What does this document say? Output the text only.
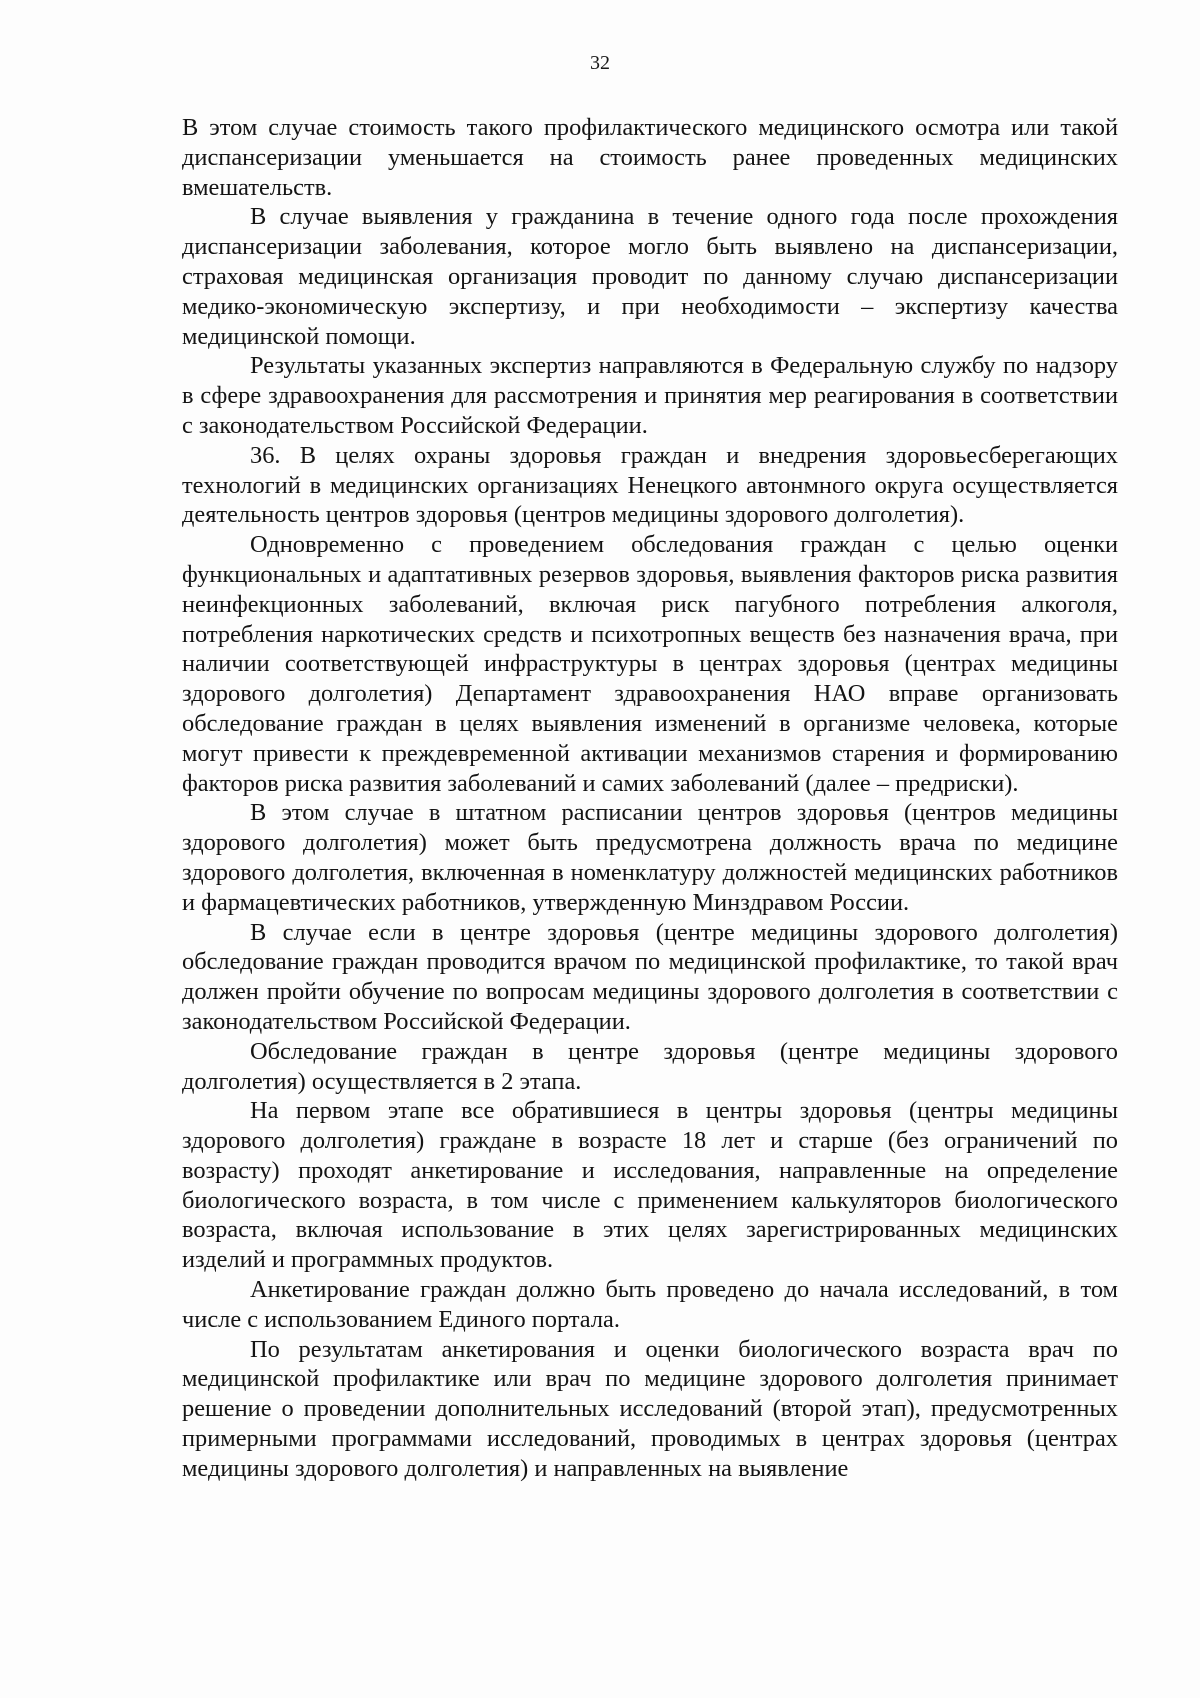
32

В этом случае стоимость такого профилактического медицинского осмотра или такой диспансеризации уменьшается на стоимость ранее проведенных медицинских вмешательств.

В случае выявления у гражданина в течение одного года после прохождения диспансеризации заболевания, которое могло быть выявлено на диспансеризации, страховая медицинская организация проводит по данному случаю диспансеризации медико-экономическую экспертизу, и при необходимости – экспертизу качества медицинской помощи.

Результаты указанных экспертиз направляются в Федеральную службу по надзору в сфере здравоохранения для рассмотрения и принятия мер реагирования в соответствии с законодательством Российской Федерации.

36. В целях охраны здоровья граждан и внедрения здоровьесберегающих технологий в медицинских организациях Ненецкого автонмного округа осуществляется деятельность центров здоровья (центров медицины здорового долголетия).

Одновременно с проведением обследования граждан с целью оценки функциональных и адаптативных резервов здоровья, выявления факторов риска развития неинфекционных заболеваний, включая риск пагубного потребления алкоголя, потребления наркотических средств и психотропных веществ без назначения врача, при наличии соответствующей инфраструктуры в центрах здоровья (центрах медицины здорового долголетия) Департамент здравоохранения НАО вправе организовать обследование граждан в целях выявления изменений в организме человека, которые могут привести к преждевременной активации механизмов старения и формированию факторов риска развития заболеваний и самих заболеваний (далее – предриски).

В этом случае в штатном расписании центров здоровья (центров медицины здорового долголетия) может быть предусмотрена должность врача по медицине здорового долголетия, включенная в номенклатуру должностей медицинских работников и фармацевтических работников, утвержденную Минздравом России.

В случае если в центре здоровья (центре медицины здорового долголетия) обследование граждан проводится врачом по медицинской профилактике, то такой врач должен пройти обучение по вопросам медицины здорового долголетия в соответствии с законодательством Российской Федерации.

Обследование граждан в центре здоровья (центре медицины здорового долголетия) осуществляется в 2 этапа.

На первом этапе все обратившиеся в центры здоровья (центры медицины здорового долголетия) граждане в возрасте 18 лет и старше (без ограничений по возрасту) проходят анкетирование и исследования, направленные на определение биологического возраста, в том числе с применением калькуляторов биологического возраста, включая использование в этих целях зарегистрированных медицинских изделий и программных продуктов.

Анкетирование граждан должно быть проведено до начала исследований, в том числе с использованием Единого портала.

По результатам анкетирования и оценки биологического возраста врач по медицинской профилактике или врач по медицине здорового долголетия принимает решение о проведении дополнительных исследований (второй этап), предусмотренных примерными программами исследований, проводимых в центрах здоровья (центрах медицины здорового долголетия) и направленных на выявление
